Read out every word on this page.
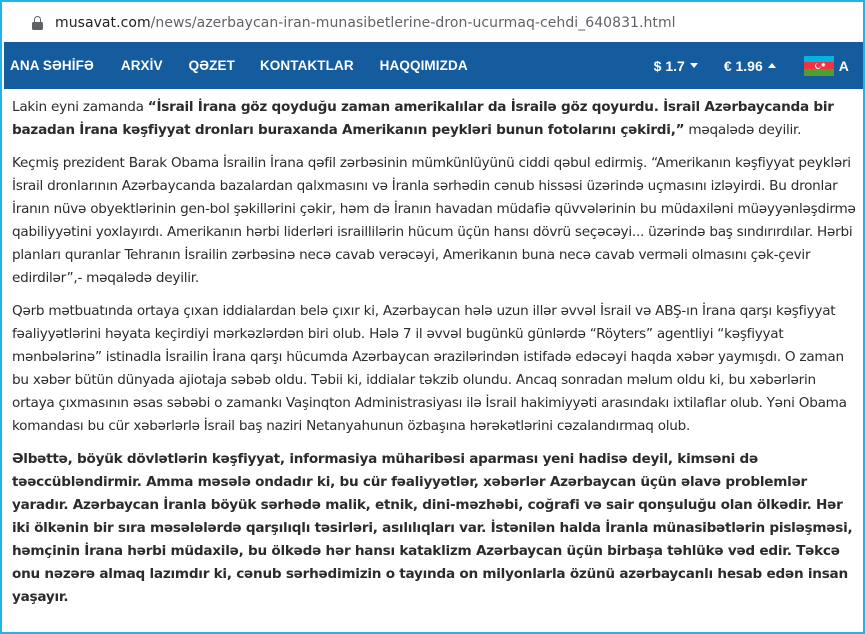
musavat.com/news/azerbaycan-iran-munasibetlerine-dron-ucurmaq-cehdi_640831.html
ANA SƏHİFƏ ARXİV QƏZET KONTAKTLAR HAQQIMIZDA	$ 1.7	€ 1.96	✸ A

Lakin eyni zamanda “İsrail İrana göz qoyduğu zaman amerikalılar da İsrailə göz qoyurdu. İsrail Azərbaycanda bir bazadan İrana kəşfiyyat dronları buraxanda Amerikanın peykləri bunun fotolarını çəkirdi,” məqalədə deyilir.

Keçmiş prezident Barak Obama İsrailin İrana qəfil zərbəsinin mümkünlüyünü ciddi qəbul edirmiş. “Amerikanın kəşfiyyat peykləri İsrail dronlarının Azərbaycanda bazalardan qalxmasını və İranla sərhədin cənub hissəsi üzərində uçmasını izləyirdi. Bu dronlar İranın nüvə obyektlərinin gen-bol şəkillərini çəkir, həm də İranın havadan müdafiə qüvvələrinin bu müdaxiləni müəyyənləşdirmə qabiliyyətini yoxlayırdı. Amerikanın hərbi liderləri israillilərin hücum üçün hansı dövrü seçəcəyi... üzərində baş sındırırdılar. Hərbi planları quranlar Tehranın İsrailin zərbəsinə necə cavab verəcəyi, Amerikanın buna necə cavab verməli olmasını çək-çevir edirdilər”,- məqalədə deyilir.

Qərb mətbuatında ortaya çıxan iddialardan belə çıxır ki, Azərbaycan hələ uzun illər əvvəl İsrail və ABŞ-ın İrana qarşı kəşfiyyat fəaliyyətlərini həyata keçirdiyi mərkəzlərdən biri olub. Hələ 7 il əvvəl bugünkü günlərdə “Röyters” agentliyi “kəşfiyyat mənbələrinə” istinadla İsrailin İrana qarşı hücumda Azərbaycan ərazilərindən istifadə edəcəyi haqda xəbər yaymışdı. O zaman bu xəbər bütün dünyada ajiotaja səbəb oldu. Təbii ki, iddialar təkzib olundu. Ancaq sonradan məlum oldu ki, bu xəbərlərin ortaya çıxmasının əsas səbəbi o zamankı Vaşinqton Administrasiyası ilə İsrail hakimiyyəti arasındakı ixtilaflar olub. Yəni Obama komandası bu cür xəbərlərlə İsrail baş naziri Netanyahunun özbaşına hərəkətlərini cəzalandırmaq olub.

Əlbəttə, böyük dövlətlərin kəşfiyyat, informasiya müharibəsi aparması yeni hadisə deyil, kimsəni də təəccübləndirmir. Amma məsələ ondadır ki, bu cür fəaliyyətlər, xəbərlər Azərbaycan üçün əlavə problemlər yaradır. Azərbaycan İranla böyük sərhədə malik, etnik, dini-məzhəbi, coğrafi və sair qonşuluğu olan ölkədir. Hər iki ölkənin bir sıra məsələlərdə qarşılıqlı təsirləri, asılılıqları var. İstənilən halda İranla münasibətlərin pisləşməsi, həmçinin İrana hərbi müdaxilə, bu ölkədə hər hansı kataklizm Azərbaycan üçün birbaşa təhlükə vəd edir. Təkcə onu nəzərə almaq lazımdır ki, cənub sərhədimizin o tayında on milyonlarla özünü azərbaycanlı hesab edən insan yaşayır.
